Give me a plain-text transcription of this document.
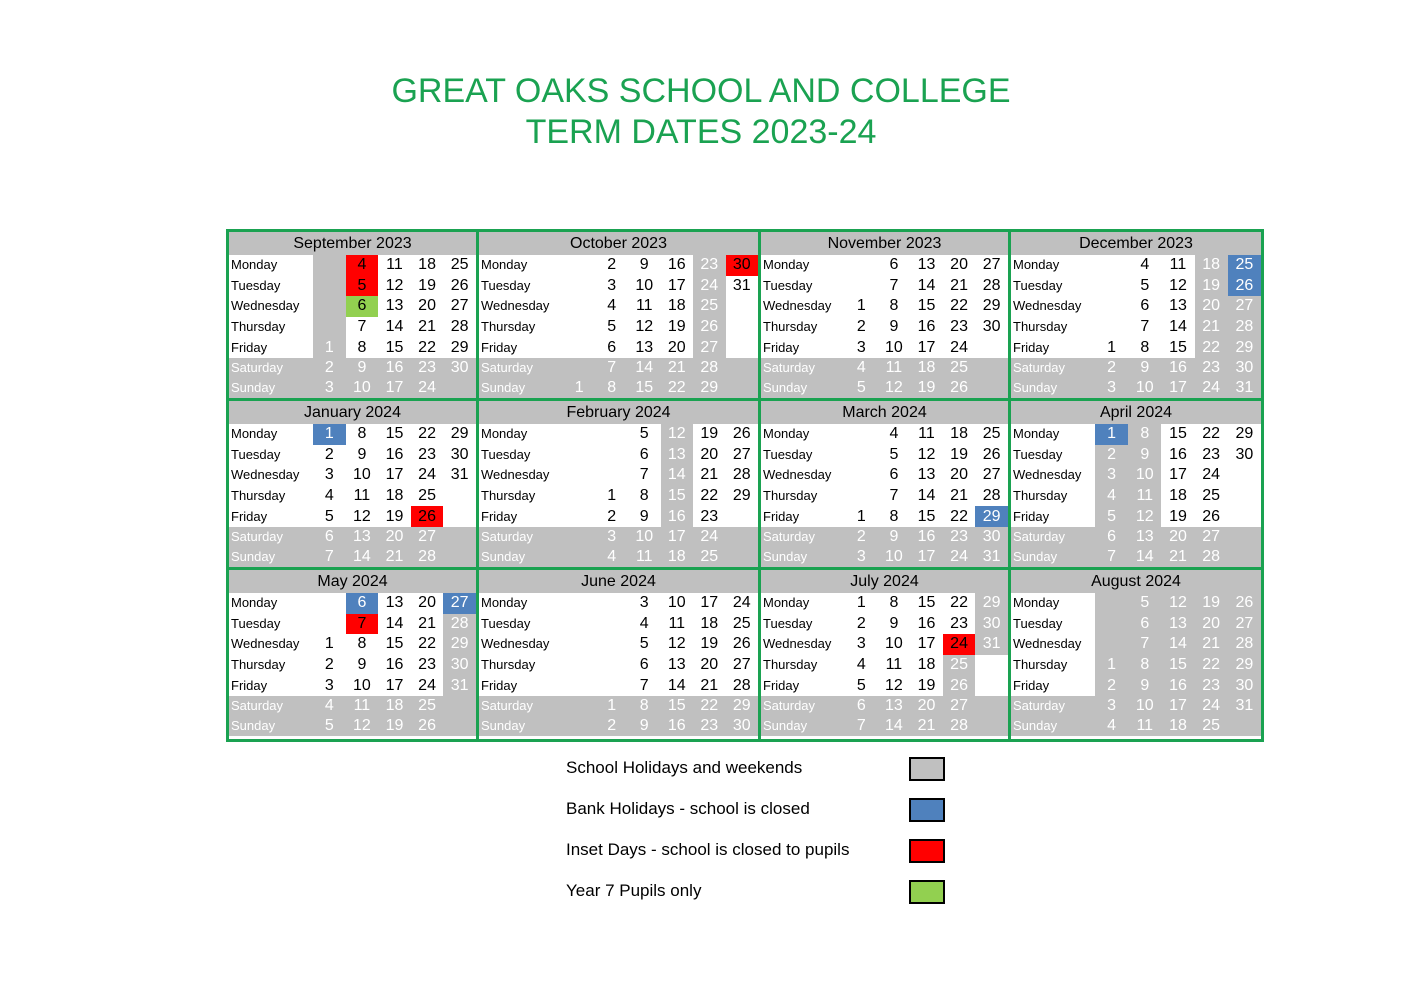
GREAT OAKS SCHOOL AND COLLEGE
TERM DATES 2023-24
September 2023
Monday		4	11	18	25
Tuesday		5	12	19	26
Wednesday		6	13	20	27
Thursday		7	14	21	28
Friday	1	8	15	22	29
Saturday	2	9	16	23	30
Sunday	3	10	17	24	
October 2023
Monday		2	9	16	23	30
Tuesday		3	10	17	24	31
Wednesday		4	11	18	25	
Thursday		5	12	19	26	
Friday		6	13	20	27	
Saturday		7	14	21	28	
Sunday	1	8	15	22	29	
November 2023
Monday		6	13	20	27
Tuesday		7	14	21	28
Wednesday	1	8	15	22	29
Thursday	2	9	16	23	30
Friday	3	10	17	24	
Saturday	4	11	18	25	
Sunday	5	12	19	26	
December 2023
Monday		4	11	18	25
Tuesday		5	12	19	26
Wednesday		6	13	20	27
Thursday		7	14	21	28
Friday	1	8	15	22	29
Saturday	2	9	16	23	30
Sunday	3	10	17	24	31
January 2024
Monday	1	8	15	22	29
Tuesday	2	9	16	23	30
Wednesday	3	10	17	24	31
Thursday	4	11	18	25	
Friday	5	12	19	26	
Saturday	6	13	20	27	
Sunday	7	14	21	28	
February 2024
Monday			5	12	19	26
Tuesday			6	13	20	27
Wednesday			7	14	21	28
Thursday		1	8	15	22	29
Friday		2	9	16	23	
Saturday		3	10	17	24	
Sunday		4	11	18	25	
March 2024
Monday		4	11	18	25
Tuesday		5	12	19	26
Wednesday		6	13	20	27
Thursday		7	14	21	28
Friday	1	8	15	22	29
Saturday	2	9	16	23	30
Sunday	3	10	17	24	31
April 2024
Monday	1	8	15	22	29
Tuesday	2	9	16	23	30
Wednesday	3	10	17	24	
Thursday	4	11	18	25	
Friday	5	12	19	26	
Saturday	6	13	20	27	
Sunday	7	14	21	28	
May 2024
Monday		6	13	20	27
Tuesday		7	14	21	28
Wednesday	1	8	15	22	29
Thursday	2	9	16	23	30
Friday	3	10	17	24	31
Saturday	4	11	18	25	
Sunday	5	12	19	26	
June 2024
Monday			3	10	17	24
Tuesday			4	11	18	25
Wednesday			5	12	19	26
Thursday			6	13	20	27
Friday			7	14	21	28
Saturday		1	8	15	22	29
Sunday		2	9	16	23	30
July 2024
Monday	1	8	15	22	29
Tuesday	2	9	16	23	30
Wednesday	3	10	17	24	31
Thursday	4	11	18	25	
Friday	5	12	19	26	
Saturday	6	13	20	27	
Sunday	7	14	21	28	
August 2024
Monday		5	12	19	26
Tuesday		6	13	20	27
Wednesday		7	14	21	28
Thursday	1	8	15	22	29
Friday	2	9	16	23	30
Saturday	3	10	17	24	31
Sunday	4	11	18	25	
School Holidays and weekends
Bank Holidays - school is closed
Inset Days - school is closed to pupils
Year 7 Pupils only
